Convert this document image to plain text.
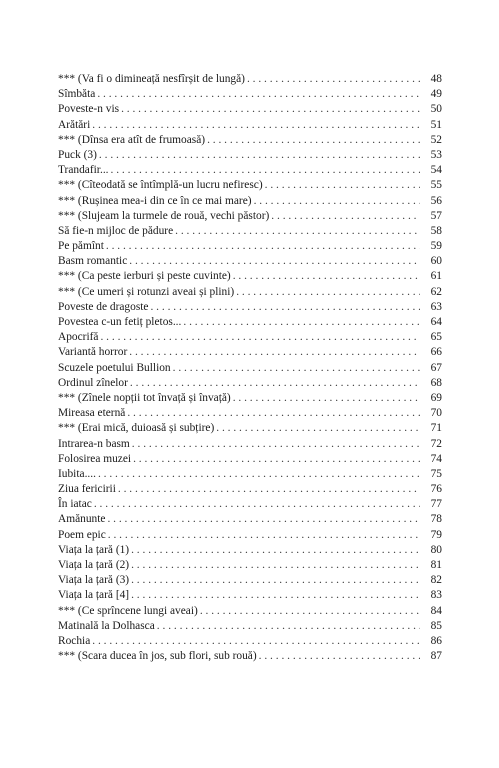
*** (Va fi o dimineață nesfîrșit de lungă) . . .	48
Sîmbăta . . .	49
Poveste-n vis . . .	50
Arătări . . .	51
*** (Dînsa era atît de frumoasă) . . .	52
Puck (3) . . .	53
Trandafir... . . .	54
*** (Cîteodată se întîmplă-un lucru nefiresc) . . .	55
*** (Rușinea mea-i din ce în ce mai mare) . . .	56
*** (Slujeam la turmele de rouă, vechi păstor) . . .	57
Să fie-n mijloc de pădure . . .	58
Pe pămînt . . .	59
Basm romantic . . .	60
*** (Ca peste ierburi și peste cuvinte) . . .	61
*** (Ce umeri și rotunzi aveai și plini) . . .	62
Poveste de dragoste . . .	63
Povestea c-un fetiț pletos... . . .	64
Apocrifă . . .	65
Variantă horror . . .	66
Scuzele poetului Bullion . . .	67
Ordinul zînelor . . .	68
*** (Zînele nopții tot învață și învață) . . .	69
Mireasa eternă . . .	70
*** (Erai mică, duioasă și subțire) . . .	71
Intrarea-n basm . . .	72
Folosirea muzei . . .	74
Iubita.... . . .	75
Ziua fericirii . . .	76
În iatac . . .	77
Amănunte . . .	78
Poem epic . . .	79
Viața la țară (1) . . .	80
Viața la țară (2) . . .	81
Viața la țară (3) . . .	82
Viața la țară [4] . . .	83
*** (Ce sprîncene lungi aveai) . . .	84
Matinală la Dolhasca . . .	85
Rochia . . .	86
*** (Scara ducea în jos, sub flori, sub rouă) . . .	87
